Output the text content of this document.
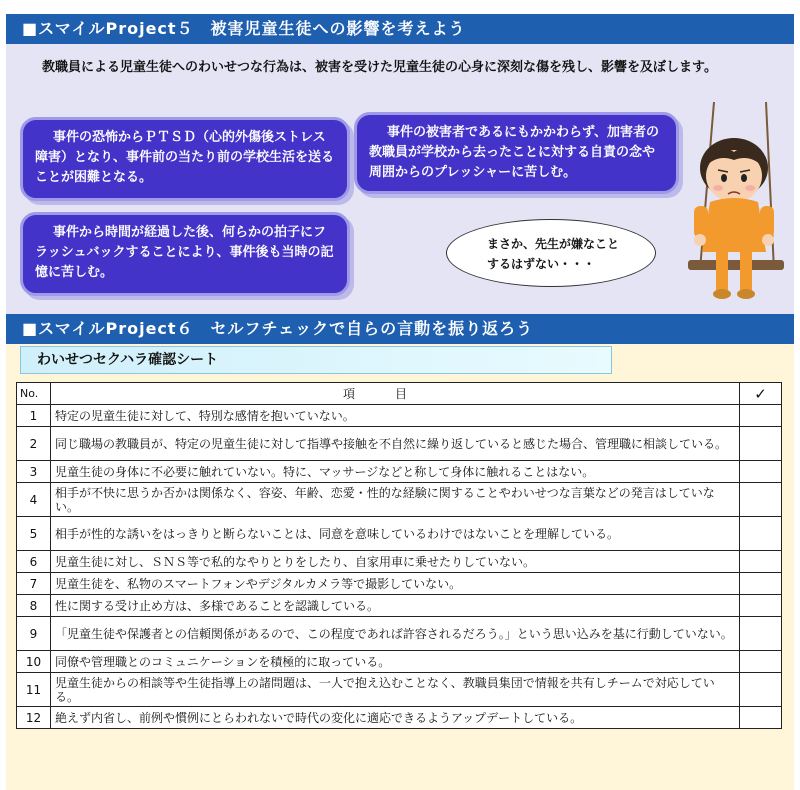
■スマイルProject５　被害児童生徒への影響を考えよう

教職員による児童生徒へのわいせつな行為は、被害を受けた児童生徒の心身に深刻な傷を残し、影響を及ぼします。

事件の恐怖からＰＴＳＤ（心的外傷後ストレス障害）となり、事件前の当たり前の学校生活を送ることが困難となる。
事件の被害者であるにもかかわらず、加害者の教職員が学校から去ったことに対する自責の念や周囲からのプレッシャーに苦しむ。
事件から時間が経過した後、何らかの拍子にフラッシュバックすることにより、事件後も当時の記憶に苦しむ。
まさか、先生が嫌なこと
するはずない・・・
■スマイルProject６　セルフチェックで自らの言動を振り返ろう
わいせつセクハラ確認シート
No.	項目	✓
1	特定の児童生徒に対して、特別な感情を抱いていない。	
2	同じ職場の教職員が、特定の児童生徒に対して指導や接触を不自然に繰り返していると感じた場合、管理職に相談している。	
3	児童生徒の身体に不必要に触れていない。特に、マッサージなどと称して身体に触れることはない。	
4	相手が不快に思うか否かは関係なく、容姿、年齢、恋愛・性的な経験に関することやわいせつな言葉などの発言はしていない。	
5	相手が性的な誘いをはっきりと断らないことは、同意を意味しているわけではないことを理解している。	
6	児童生徒に対し、ＳＮＳ等で私的なやりとりをしたり、自家用車に乗せたりしていない。	
7	児童生徒を、私物のスマートフォンやデジタルカメラ等で撮影していない。	
8	性に関する受け止め方は、多様であることを認識している。	
9	「児童生徒や保護者との信頼関係があるので、この程度であれば許容されるだろう。」という思い込みを基に行動していない。	
10	同僚や管理職とのコミュニケーションを積極的に取っている。	
11	児童生徒からの相談等や生徒指導上の諸問題は、一人で抱え込むことなく、教職員集団で情報を共有しチームで対応している。	
12	絶えず内省し、前例や慣例にとらわれないで時代の変化に適応できるようアップデートしている。	
